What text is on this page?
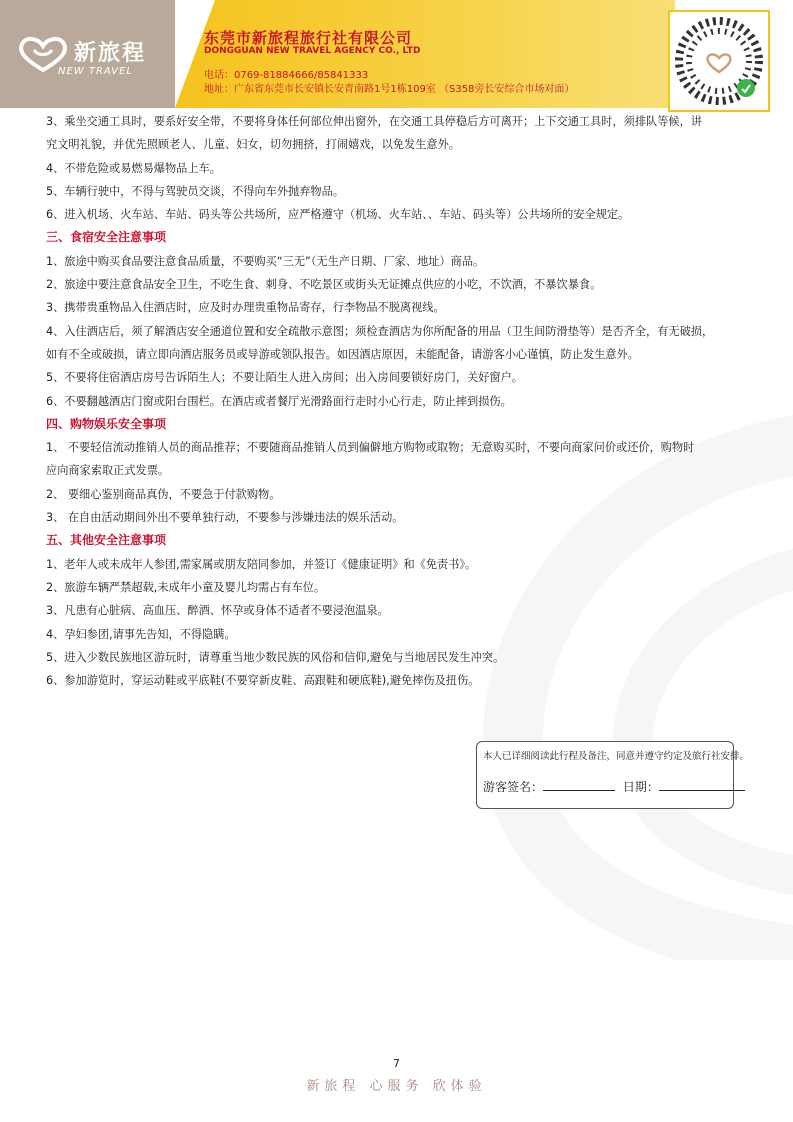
新旅程
NEW TRAVEL
东莞市新旅程旅行社有限公司
DONGGUAN NEW TRAVEL AGENCY CO., LTD
电话：0769-81884666/85841333
地址：广东省东莞市长安镇长安青南路1号1栋109室 （S358旁长安综合市场对面）

3、乘坐交通工具时，要系好安全带，不要将身体任何部位伸出窗外，在交通工具停稳后方可离开；上下交通工具时，须排队等候，讲

究文明礼貌，并优先照顾老人、儿童、妇女，切勿拥挤，打闹嬉戏，以免发生意外。

4、不带危险或易燃易爆物品上车。

5、车辆行驶中，不得与驾驶员交谈，不得向车外抛弃物品。

6、进入机场、火车站、车站、码头等公共场所，应严格遵守（机场、火车站、、车站、码头等）公共场所的安全规定。

三、食宿安全注意事项

1、旅途中购买食品要注意食品质量，不要购买“三无”（无生产日期、厂家、地址）商品。

2、旅途中要注意食品安全卫生，不吃生食、刺身、不吃景区或街头无证摊点供应的小吃，不饮酒，不暴饮暴食。

3、携带贵重物品入住酒店时，应及时办理贵重物品寄存，行李物品不脱离视线。

4、入住酒店后，须了解酒店安全通道位置和安全疏散示意图；须检查酒店为你所配备的用品（卫生间防滑垫等）是否齐全，有无破损，

如有不全或破损，请立即向酒店服务员或导游或领队报告。如因酒店原因，未能配备，请游客小心谨慎，防止发生意外。

5、不要将住宿酒店房号告诉陌生人；不要让陌生人进入房间；出入房间要锁好房门，关好窗户。

6、不要翻越酒店门窗或阳台围栏。在酒店或者餐厅光滑路面行走时小心行走，防止摔到损伤。

四、购物娱乐安全事项

1、 不要轻信流动推销人员的商品推荐；不要随商品推销人员到偏僻地方购物或取物；无意购买时，不要向商家问价或还价，购物时

应向商家索取正式发票。

2、 要细心鉴别商品真伪，不要急于付款购物。

3、 在自由活动期间外出不要单独行动，不要参与涉嫌违法的娱乐活动。

五、其他安全注意事项

1、老年人或未成年人参团,需家属或朋友陪同参加，并签订《健康证明》和《免责书》。

2、旅游车辆严禁超载,未成年小童及婴儿均需占有车位。

3、凡患有心脏病、高血压、醉酒、怀孕或身体不适者不要浸泡温泉。

4、孕妇参团,请事先告知，不得隐瞒。

5、进入少数民族地区游玩时，请尊重当地少数民族的风俗和信仰,避免与当地居民发生冲突。

6、参加游览时，穿运动鞋或平底鞋(不要穿新皮鞋、高跟鞋和硬底鞋),避免摔伤及扭伤。

本人已详细阅读此行程及备注，同意并遵守约定及旅行社安排。
游客签名：	日期：
7
新旅程 心服务 欣体验
